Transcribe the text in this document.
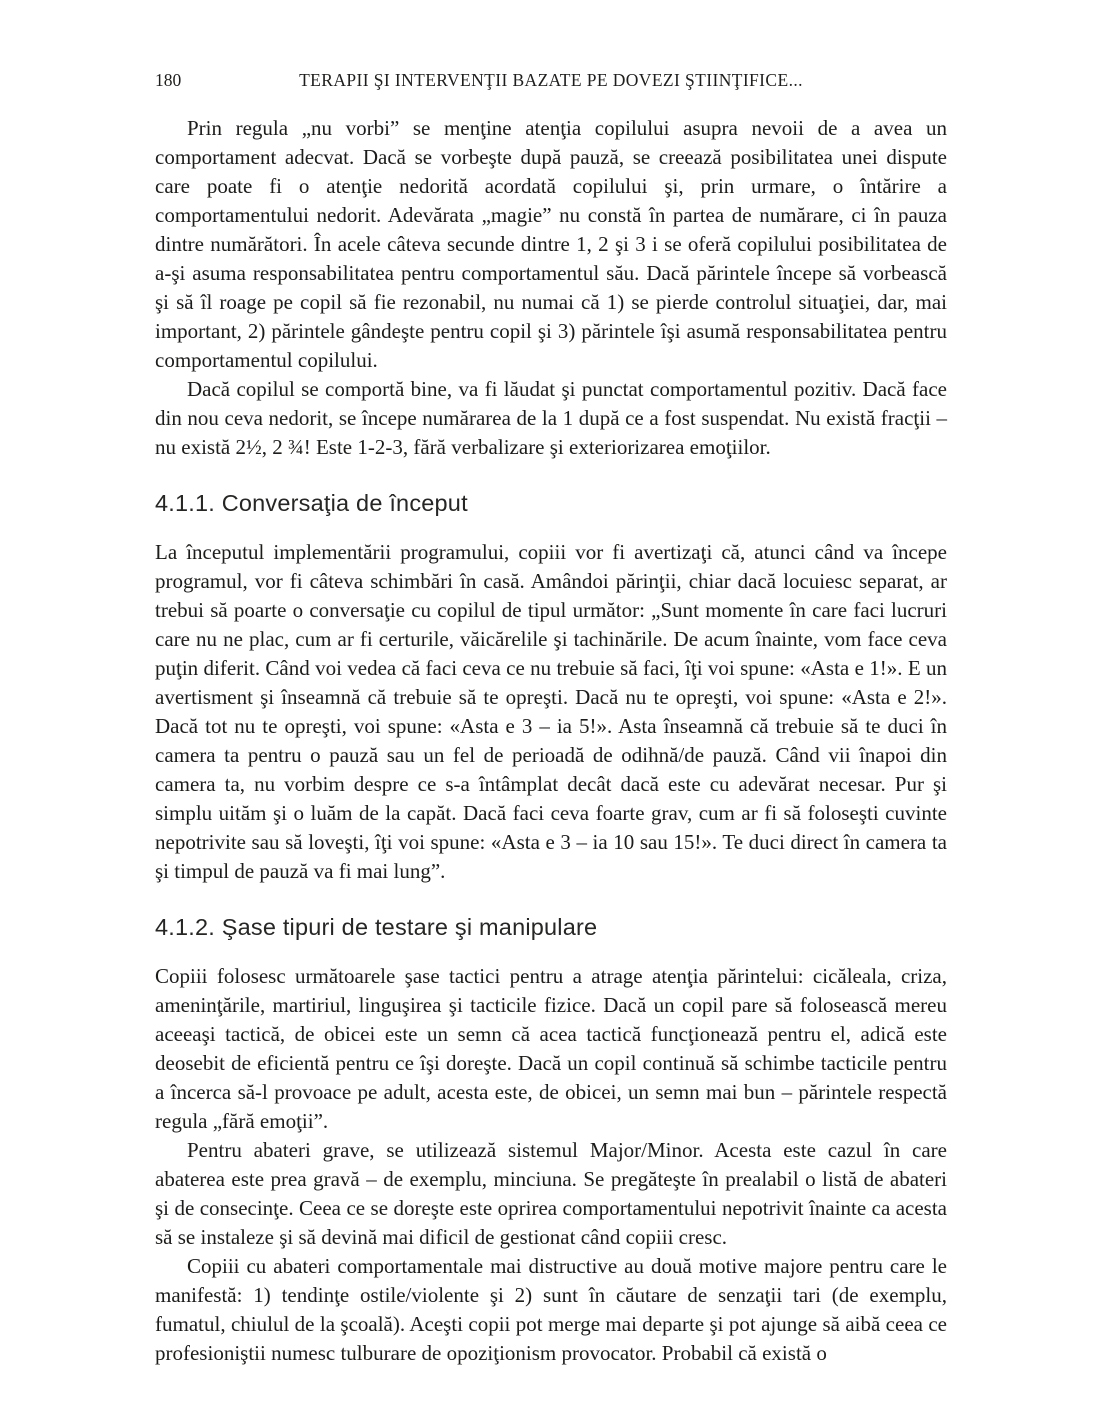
180	TERAPII ŞI INTERVENŢII BAZATE PE DOVEZI ŞTIINŢIFICE...

Prin regula „nu vorbi” se menţine atenţia copilului asupra nevoii de a avea un comportament adecvat. Dacă se vorbeşte după pauză, se creează posibilitatea unei dispute care poate fi o atenţie nedorită acordată copilului şi, prin urmare, o întărire a comportamentului nedorit. Adevărata „magie” nu constă în partea de numărare, ci în pauza dintre numărători. În acele câteva secunde dintre 1, 2 şi 3 i se oferă copilului posibilitatea de a-şi asuma responsabilitatea pentru comportamentul său. Dacă părintele începe să vorbească şi să îl roage pe copil să fie rezonabil, nu numai că 1) se pierde controlul situaţiei, dar, mai important, 2) părintele gândeşte pentru copil şi 3) părintele îşi asumă responsabilitatea pentru comportamentul copilului.

Dacă copilul se comportă bine, va fi lăudat şi punctat comportamentul pozitiv. Dacă face din nou ceva nedorit, se începe numărarea de la 1 după ce a fost suspendat. Nu există fracţii – nu există 2½, 2 ¾! Este 1-2-3, fără verbalizare şi exteriorizarea emoţiilor.

4.1.1. Conversaţia de început

La începutul implementării programului, copiii vor fi avertizaţi că, atunci când va începe programul, vor fi câteva schimbări în casă. Amândoi părinţii, chiar dacă locuiesc separat, ar trebui să poarte o conversaţie cu copilul de tipul următor: „Sunt momente în care faci lucruri care nu ne plac, cum ar fi certurile, văicărelile şi tachinările. De acum înainte, vom face ceva puţin diferit. Când voi vedea că faci ceva ce nu trebuie să faci, îţi voi spune: «Asta e 1!». E un avertisment şi înseamnă că trebuie să te opreşti. Dacă nu te opreşti, voi spune: «Asta e 2!». Dacă tot nu te opreşti, voi spune: «Asta e 3 – ia 5!». Asta înseamnă că trebuie să te duci în camera ta pentru o pauză sau un fel de perioadă de odihnă/de pauză. Când vii înapoi din camera ta, nu vorbim despre ce s-a întâmplat decât dacă este cu adevărat necesar. Pur şi simplu uităm şi o luăm de la capăt. Dacă faci ceva foarte grav, cum ar fi să foloseşti cuvinte nepotrivite sau să loveşti, îţi voi spune: «Asta e 3 – ia 10 sau 15!». Te duci direct în camera ta şi timpul de pauză va fi mai lung”.

4.1.2. Şase tipuri de testare şi manipulare

Copiii folosesc următoarele şase tactici pentru a atrage atenţia părintelui: cicăleala, criza, ameninţările, martiriul, linguşirea şi tacticile fizice. Dacă un copil pare să folosească mereu aceeaşi tactică, de obicei este un semn că acea tactică funcţionează pentru el, adică este deosebit de eficientă pentru ce îşi doreşte. Dacă un copil continuă să schimbe tacticile pentru a încerca să-l provoace pe adult, acesta este, de obicei, un semn mai bun – părintele respectă regula „fără emoţii”.

Pentru abateri grave, se utilizează sistemul Major/Minor. Acesta este cazul în care abaterea este prea gravă – de exemplu, minciuna. Se pregăteşte în prealabil o listă de abateri şi de consecinţe. Ceea ce se doreşte este oprirea comportamentului nepotrivit înainte ca acesta să se instaleze şi să devină mai dificil de gestionat când copiii cresc.

Copiii cu abateri comportamentale mai distructive au două motive majore pentru care le manifestă: 1) tendinţe ostile/violente şi 2) sunt în căutare de senzaţii tari (de exemplu, fumatul, chiulul de la şcoală). Aceşti copii pot merge mai departe şi pot ajunge să aibă ceea ce profesioniştii numesc tulburare de opoziţionism provocator. Probabil că există o
